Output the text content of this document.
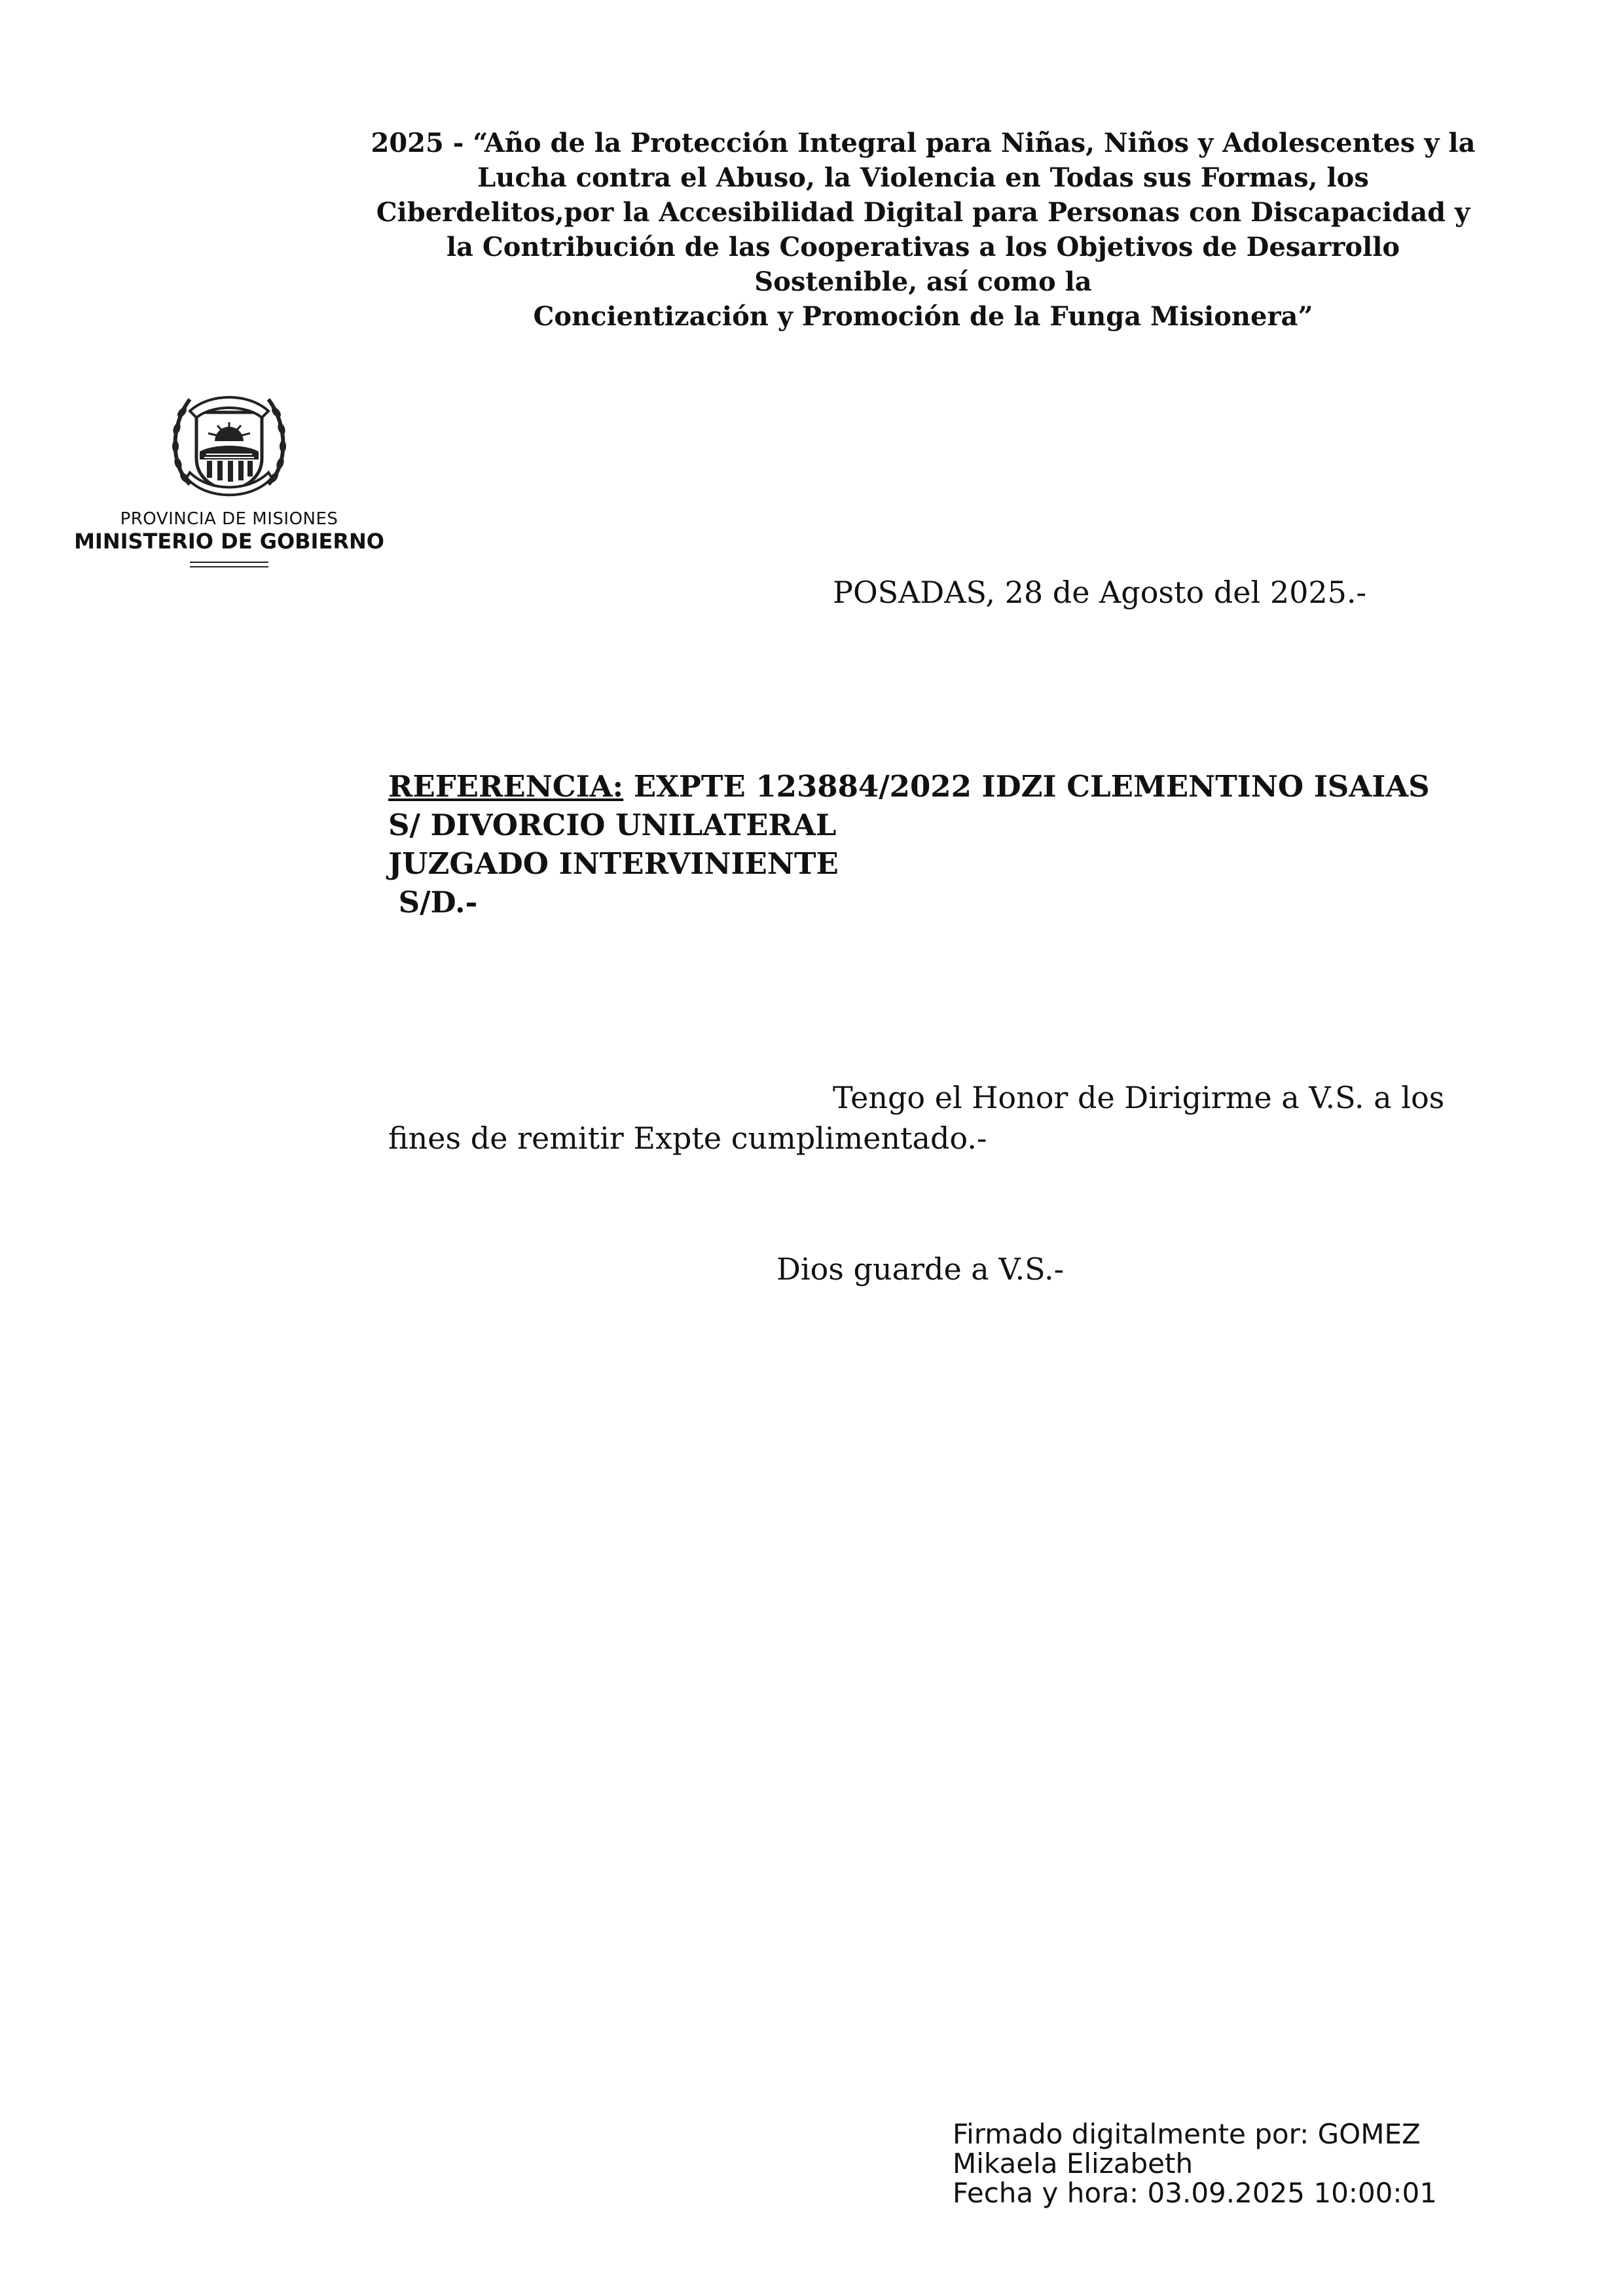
2025 - “Año de la Protección Integral para Niñas, Niños y Adolescentes y la
Lucha contra el Abuso, la Violencia en Todas sus Formas, los
Ciberdelitos,por la Accesibilidad Digital para Personas con Discapacidad y
la Contribución de las Cooperativas a los Objetivos de Desarrollo
Sostenible, así como la
Concientización y Promoción de la Funga Misionera”
PROVINCIA DE MISIONES
MINISTERIO DE GOBIERNO
POSADAS, 28 de Agosto del 2025.-
REFERENCIA: EXPTE 123884/2022 IDZI CLEMENTINO ISAIAS
S/ DIVORCIO UNILATERAL
JUZGADO INTERVINIENTE
S/D.-
Tengo el Honor de Dirigirme a V.S. a los
fines de remitir Expte cumplimentado.-
Dios guarde a V.S.-
Firmado digitalmente por: GOMEZ
Mikaela Elizabeth
Fecha y hora: 03.09.2025 10:00:01
